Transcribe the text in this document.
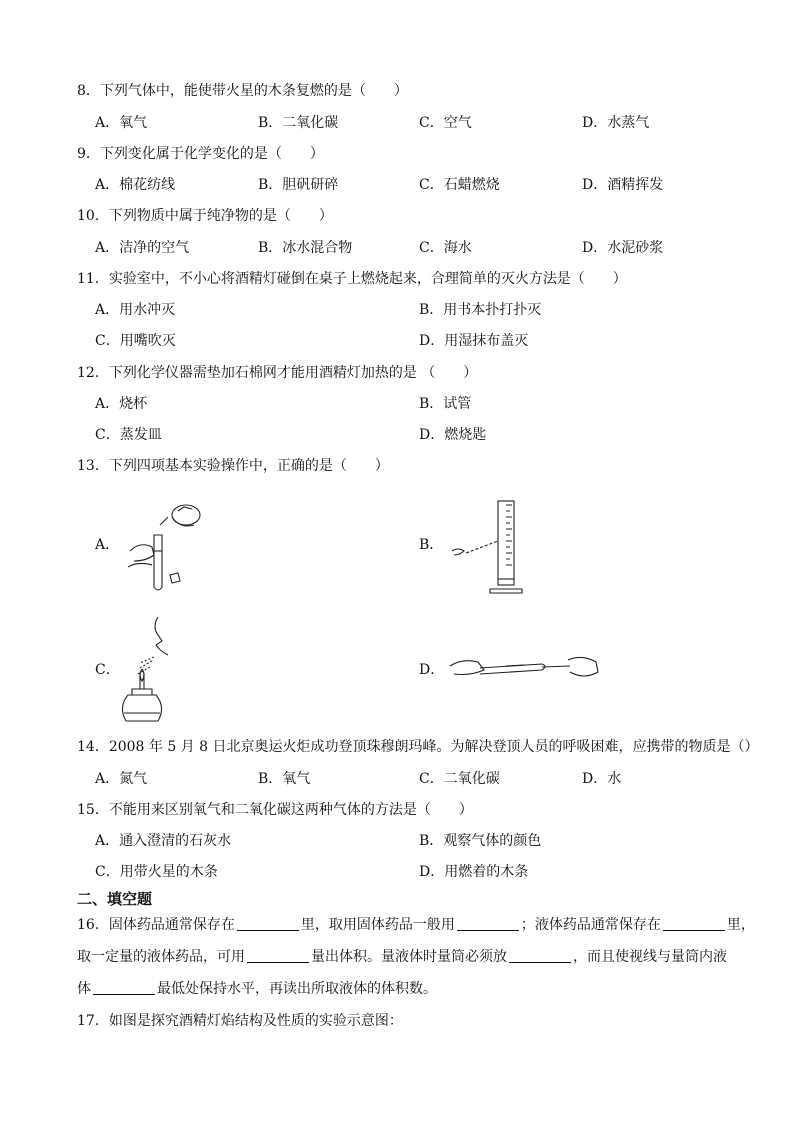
8．下列气体中，能使带火星的木条复燃的是（　　）
A．氧气	B．二氧化碳	C．空气	D．水蒸气
9．下列变化属于化学变化的是（　　）
A．棉花纺线	B．胆矾研碎	C．石蜡燃烧	D．酒精挥发
10．下列物质中属于纯净物的是（　　）
A．洁净的空气	B．冰水混合物	C．海水	D．水泥砂浆
11．实验室中，不小心将酒精灯碰倒在桌子上燃烧起来，合理简单的灭火方法是（　　）
A．用水冲灭	B．用书本扑打扑灭
C．用嘴吹灭	D．用湿抹布盖灭
12．下列化学仪器需垫加石棉网才能用酒精灯加热的是 （　　）
A．烧杯	B．试管
C．蒸发皿	D．燃烧匙
13．下列四项基本实验操作中，正确的是（　　）
A．	B．
C．	D．
14．2008 年 5 月 8 日北京奥运火炬成功登顶珠穆朗玛峰。为解决登顶人员的呼吸困难，应携带的物质是（）
A．氮气	B．氧气	C．二氧化碳	D．水
15．不能用来区别氧气和二氧化碳这两种气体的方法是（　　）
A．通入澄清的石灰水	B．观察气体的颜色
C．用带火星的木条	D．用燃着的木条
二、填空题
16．固体药品通常保存在	里，取用固体药品一般用	；液体药品通常保存在	里，
取一定量的液体药品，可用	量出体积。量液体时量筒必须放	，而且使视线与量筒内液
体	最低处保持水平，再读出所取液体的体积数。
17．如图是探究酒精灯焰结构及性质的实验示意图：
